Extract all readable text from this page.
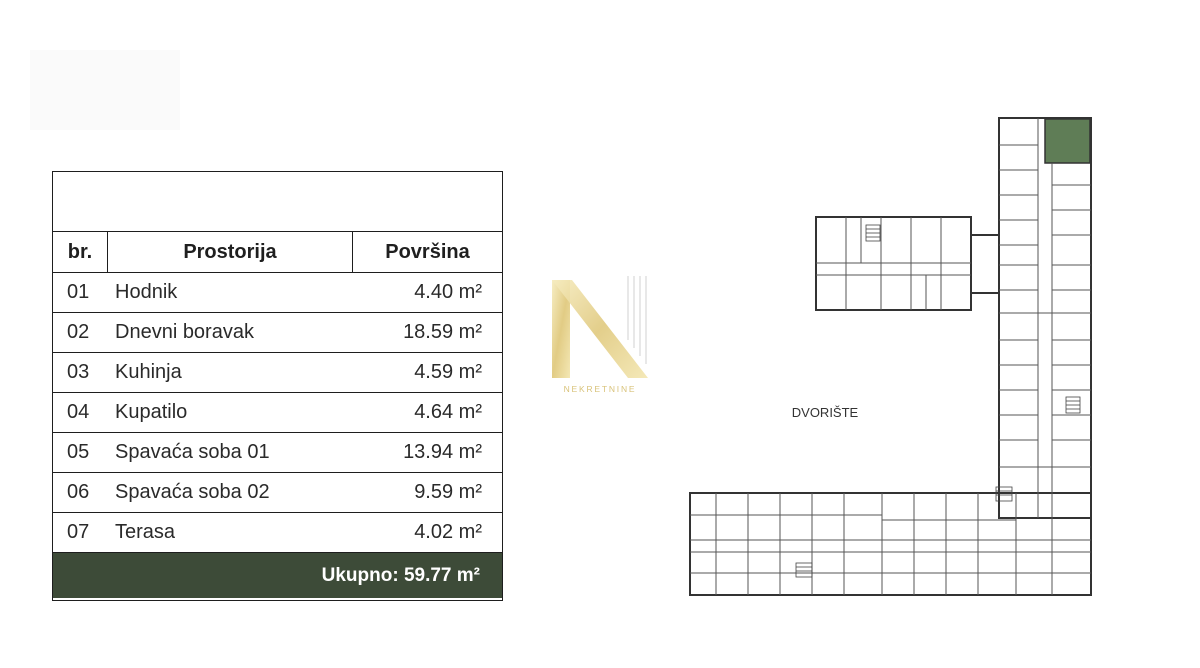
br.	Prostorija	Površina
01	Hodnik	4.40 m²
02	Dnevni boravak	18.59 m²
03	Kuhinja	4.59 m²
04	Kupatilo	4.64 m²
05	Spavaća soba 01	13.94 m²
06	Spavaća soba 02	9.59 m²
07	Terasa	4.02 m²
Ukupno: 59.77 m²
NEKRETNINE
DVORIŠTE
